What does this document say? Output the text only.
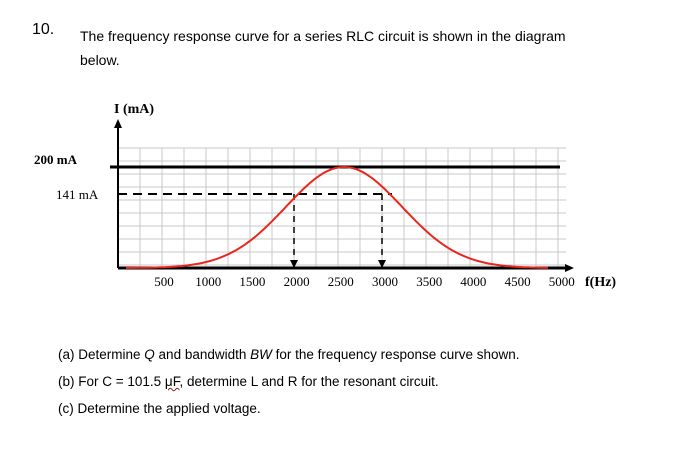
10. The frequency response curve for a series RLC circuit is shown in the diagram below.
I (mA)
200 mA
141 mA
500 1000 1500 2000 2500 3000 3500 4000 4500 5000 f(Hz)
(a) Determine Q and bandwidth BW for the frequency response curve shown.
(b) For C = 101.5 μF, determine L and R for the resonant circuit.
(c) Determine the applied voltage.
